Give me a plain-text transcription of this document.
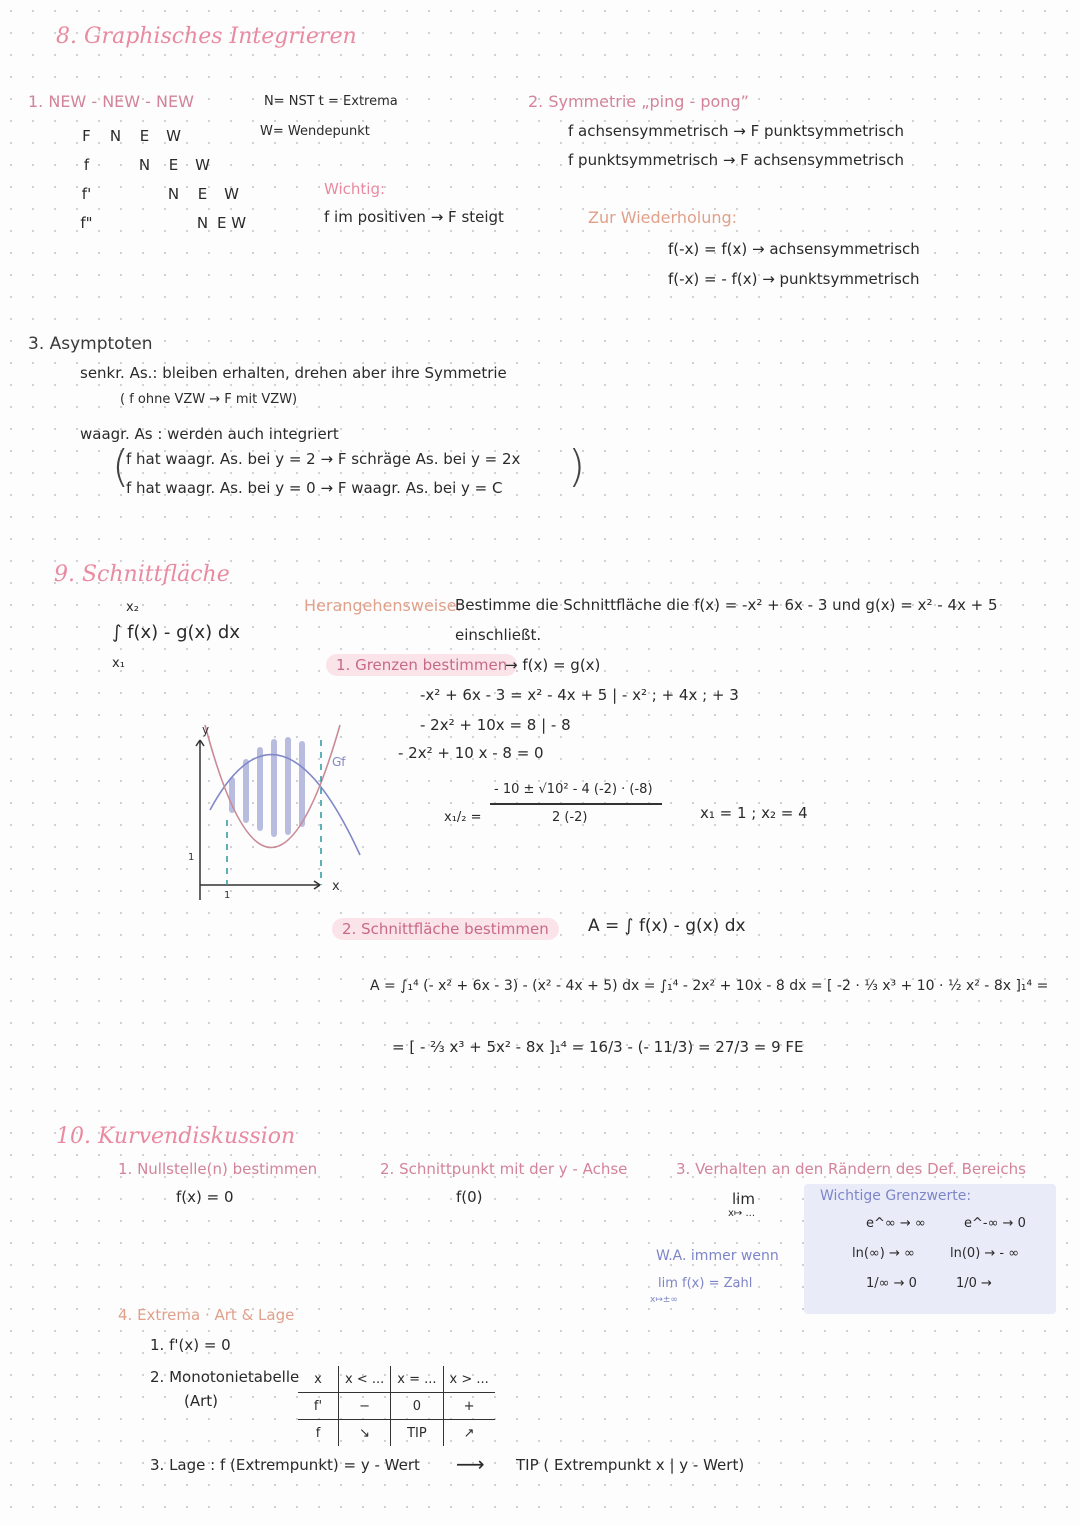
8. Graphisches Integrieren
1. NEW - NEW - NEW	N= NST t = Extrema
W= Wendepunkt
F N E W
f	N E W
f'	N E W
f"	N E W
Wichtig:
f im positiven → F steigt
2. Symmetrie „ping - pong”
f achsensymmetrisch → F punktsymmetrisch
f punktsymmetrisch → F achsensymmetrisch
Zur Wiederholung:
f(-x) = f(x) → achsensymmetrisch
f(-x) = - f(x) → punktsymmetrisch
3. Asymptoten
senkr. As.: bleiben erhalten, drehen aber ihre Symmetrie
( f ohne VZW → F mit VZW)
waagr. As : werden auch integriert
(
f hat waagr. As. bei y = 2 → F schräge As. bei y = 2x
f hat waagr. As. bei y = 0 → F waagr. As. bei y = C )
9. Schnittfläche
x₂
∫ f(x) - g(x) dx
x₁
Herangehensweise:
Bestimme die Schnittfläche die f(x) = -x² + 6x - 3 und g(x) = x² - 4x + 5
einschließt.
1. Grenzen bestimmen
→ f(x) = g(x)
-x² + 6x - 3 = x² - 4x + 5 | - x² ; + 4x ; + 3
- 2x² + 10x = 8 | - 8
- 2x² + 10 x - 8 = 0
x₁/₂ =
- 10 ± √10² - 4 (-2) · (-8)
2 (-2)	x₁ = 1 ; x₂ = 4
y
x
Gf
1
1
2. Schnittfläche bestimmen	A = ∫ f(x) - g(x) dx
A = ∫₁⁴ (- x² + 6x - 3) - (x² - 4x + 5) dx = ∫₁⁴ - 2x² + 10x - 8 dx = [ -2 · ⅓ x³ + 10 · ½ x² - 8x ]₁⁴ =
= [ - ⅔ x³ + 5x² - 8x ]₁⁴ = 16/3 - (- 11/3) = 27/3 = 9 FE
10. Kurvendiskussion
1. Nullstelle(n) bestimmen
f(x) = 0
2. Schnittpunkt mit der y - Achse
f(0)
3. Verhalten an den Rändern des Def. Bereichs
lim
x↦ ...
W.A. immer wenn
lim f(x) = Zahl
x↦±∞
Wichtige Grenzwerte:
e^∞ → ∞	e^-∞ → 0
ln(∞) → ∞	ln(0) → - ∞
1/∞ → 0	1/0 →
4. Extrema · Art & Lage
1. f'(x) = 0
2. Monotonietabelle
(Art)
x	x < ...	x = ...	x > ...
f'	−	0	+
f	↘	TIP	↗
3. Lage : f (Extrempunkt) = y - Wert ⟶ TIP ( Extrempunkt x | y - Wert)
